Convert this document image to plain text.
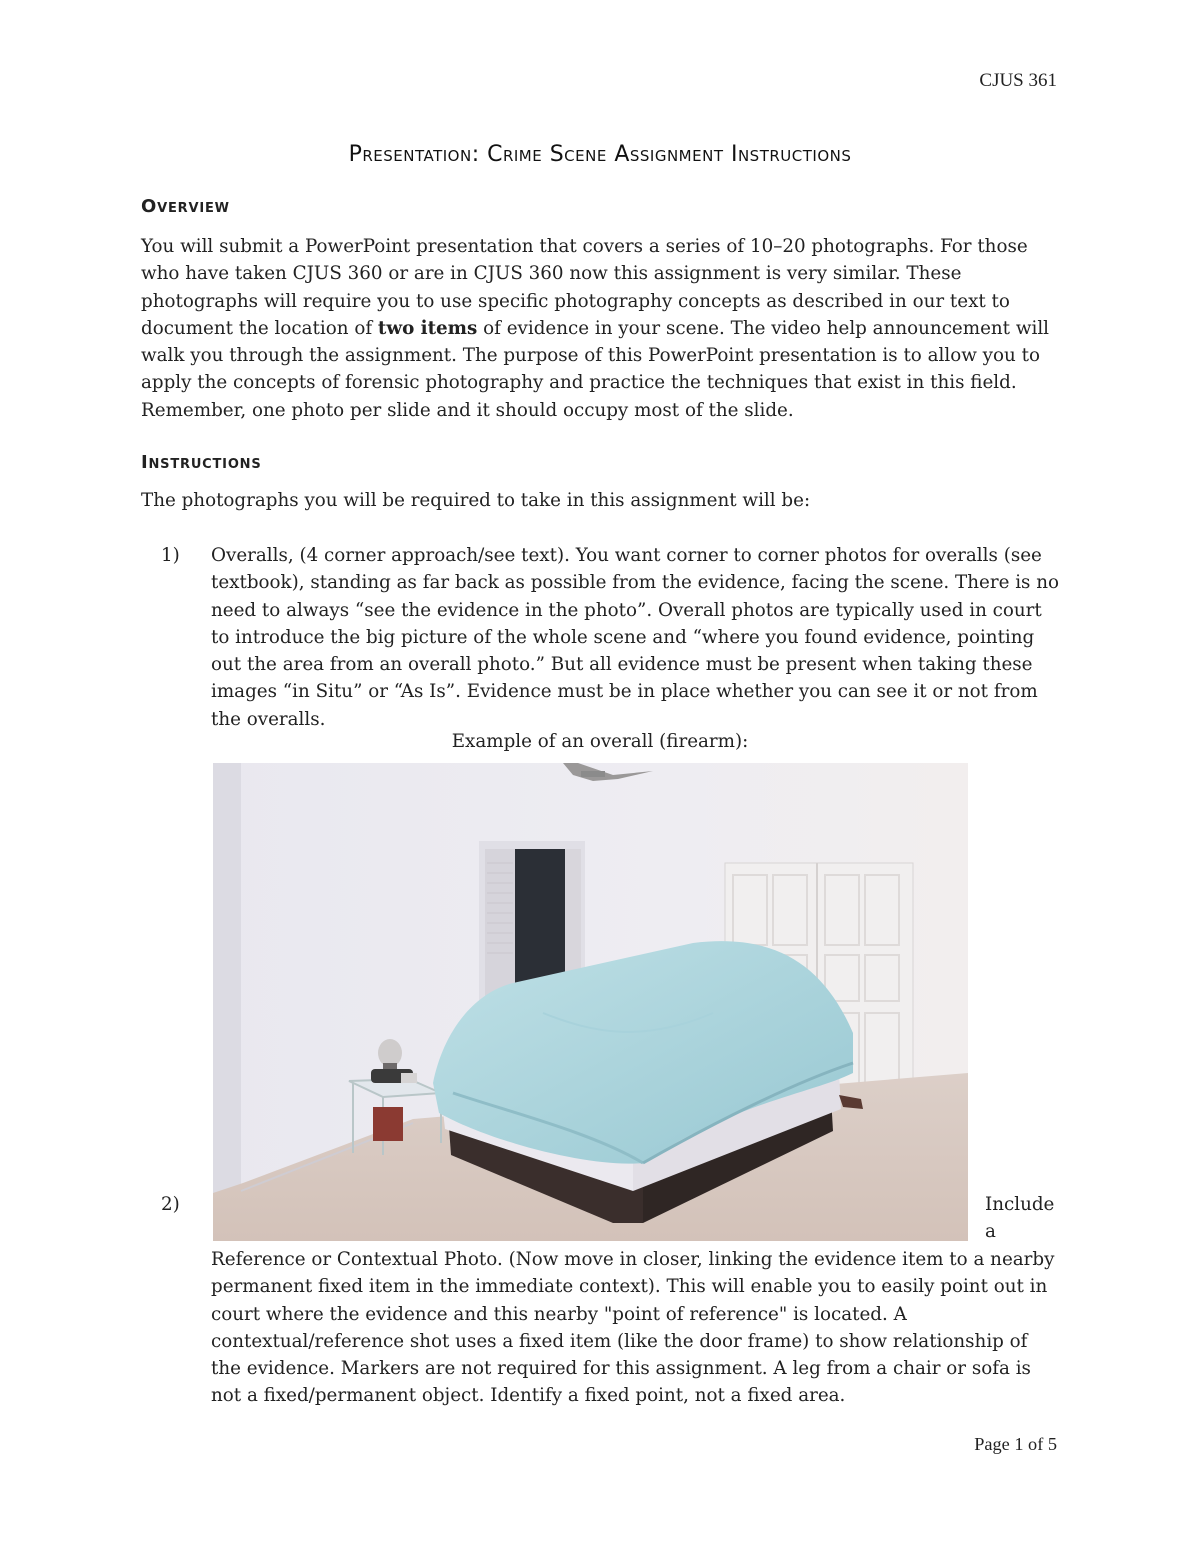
CJUS 361
Presentation: Crime Scene Assignment Instructions
Overview
You will submit a PowerPoint presentation that covers a series of 10–20 photographs. For those who have taken CJUS 360 or are in CJUS 360 now this assignment is very similar. These photographs will require you to use specific photography concepts as described in our text to document the location of two items of evidence in your scene. The video help announcement will walk you through the assignment. The purpose of this PowerPoint presentation is to allow you to apply the concepts of forensic photography and practice the techniques that exist in this field. Remember, one photo per slide and it should occupy most of the slide.
Instructions
The photographs you will be required to take in this assignment will be:
1) Overalls, (4 corner approach/see text). You want corner to corner photos for overalls (see textbook), standing as far back as possible from the evidence, facing the scene. There is no need to always “see the evidence in the photo”. Overall photos are typically used in court to introduce the big picture of the whole scene and “where you found evidence, pointing out the area from an overall photo.” But all evidence must be present when taking these images “in Situ” or “As Is”. Evidence must be in place whether you can see it or not from the overalls.
Example of an overall (firearm):
2)	Include a
Reference or Contextual Photo. (Now move in closer, linking the evidence item to a nearby permanent fixed item in the immediate context). This will enable you to easily point out in court where the evidence and this nearby "point of reference" is located. A contextual/reference shot uses a fixed item (like the door frame) to show relationship of the evidence. Markers are not required for this assignment. A leg from a chair or sofa is not a fixed/permanent object. Identify a fixed point, not a fixed area.
Page 1 of 5
